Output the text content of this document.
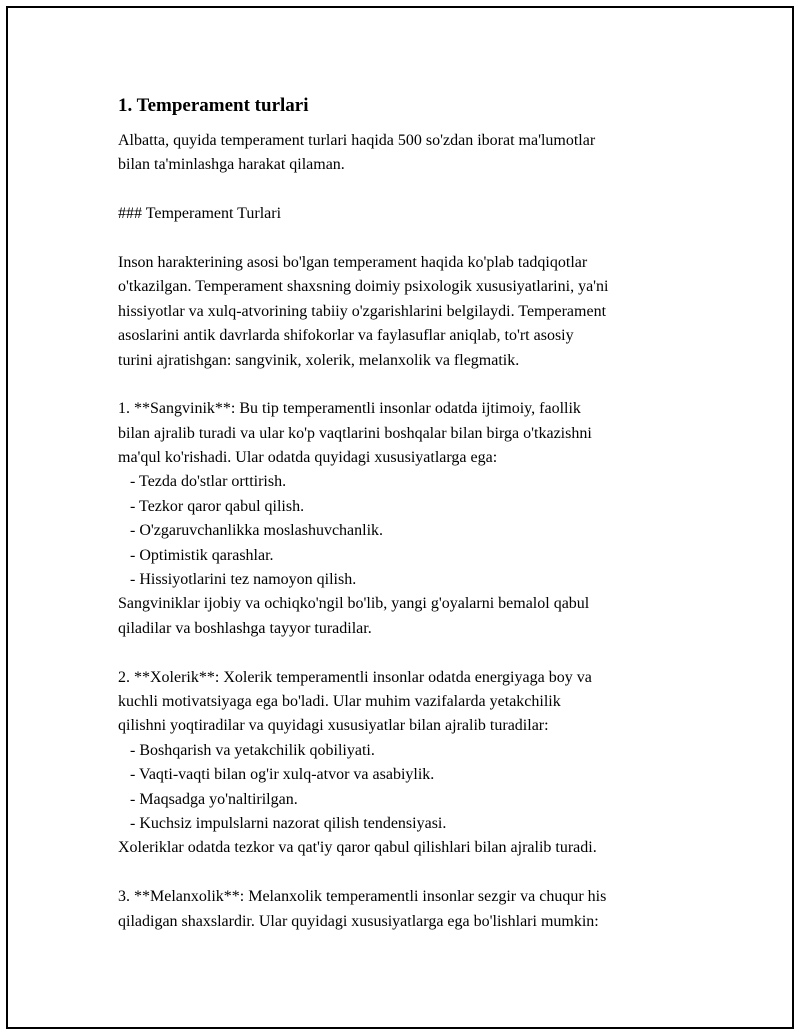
1. Temperament turlari
Albatta, quyida temperament turlari haqida 500 so'zdan iborat ma'lumotlar
bilan ta'minlashga harakat qilaman.
### Temperament Turlari
Inson harakterining asosi bo'lgan temperament haqida ko'plab tadqiqotlar
o'tkazilgan. Temperament shaxsning doimiy psixologik xususiyatlarini, ya'ni
hissiyotlar va xulq-atvorining tabiiy o'zgarishlarini belgilaydi. Temperament
asoslarini antik davrlarda shifokorlar va faylasuflar aniqlab, to'rt asosiy
turini ajratishgan: sangvinik, xolerik, melanxolik va flegmatik.
1. **Sangvinik**: Bu tip temperamentli insonlar odatda ijtimoiy, faollik
bilan ajralib turadi va ular ko'p vaqtlarini boshqalar bilan birga o'tkazishni
ma'qul ko'rishadi. Ular odatda quyidagi xususiyatlarga ega:
- Tezda do'stlar orttirish.
- Tezkor qaror qabul qilish.
- O'zgaruvchanlikka moslashuvchanlik.
- Optimistik qarashlar.
- Hissiyotlarini tez namoyon qilish.
Sangviniklar ijobiy va ochiqko'ngil bo'lib, yangi g'oyalarni bemalol qabul
qiladilar va boshlashga tayyor turadilar.
2. **Xolerik**: Xolerik temperamentli insonlar odatda energiyaga boy va
kuchli motivatsiyaga ega bo'ladi. Ular muhim vazifalarda yetakchilik
qilishni yoqtiradilar va quyidagi xususiyatlar bilan ajralib turadilar:
- Boshqarish va yetakchilik qobiliyati.
- Vaqti-vaqti bilan og'ir xulq-atvor va asabiylik.
- Maqsadga yo'naltirilgan.
- Kuchsiz impulslarni nazorat qilish tendensiyasi.
Xoleriklar odatda tezkor va qat'iy qaror qabul qilishlari bilan ajralib turadi.
3. **Melanxolik**: Melanxolik temperamentli insonlar sezgir va chuqur his
qiladigan shaxslardir. Ular quyidagi xususiyatlarga ega bo'lishlari mumkin:
